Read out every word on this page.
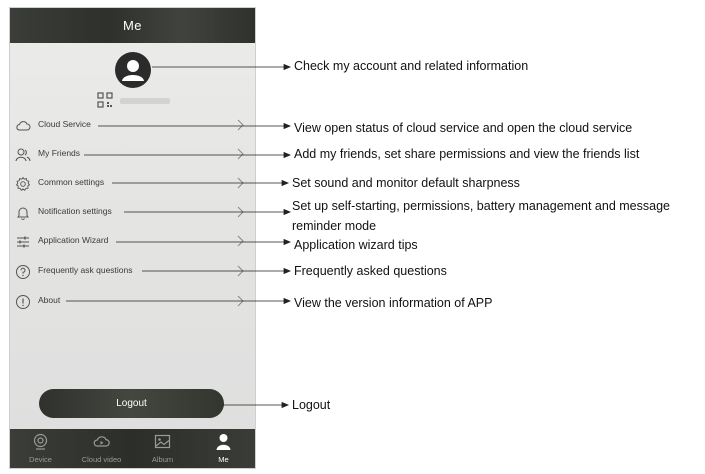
Me
Cloud Service
My Friends
Common settings
Notification settings
Application Wizard
Frequently ask questions
About
Logout
Device	Cloud video	Album	Me
Check my account and related information
View open status of cloud service and open the cloud service
Add my friends, set share permissions and view the friends list
Set sound and monitor default sharpness
Set up self-starting, permissions, battery management and message reminder mode
Application wizard tips
Frequently asked questions
View the version information of APP
Logout
